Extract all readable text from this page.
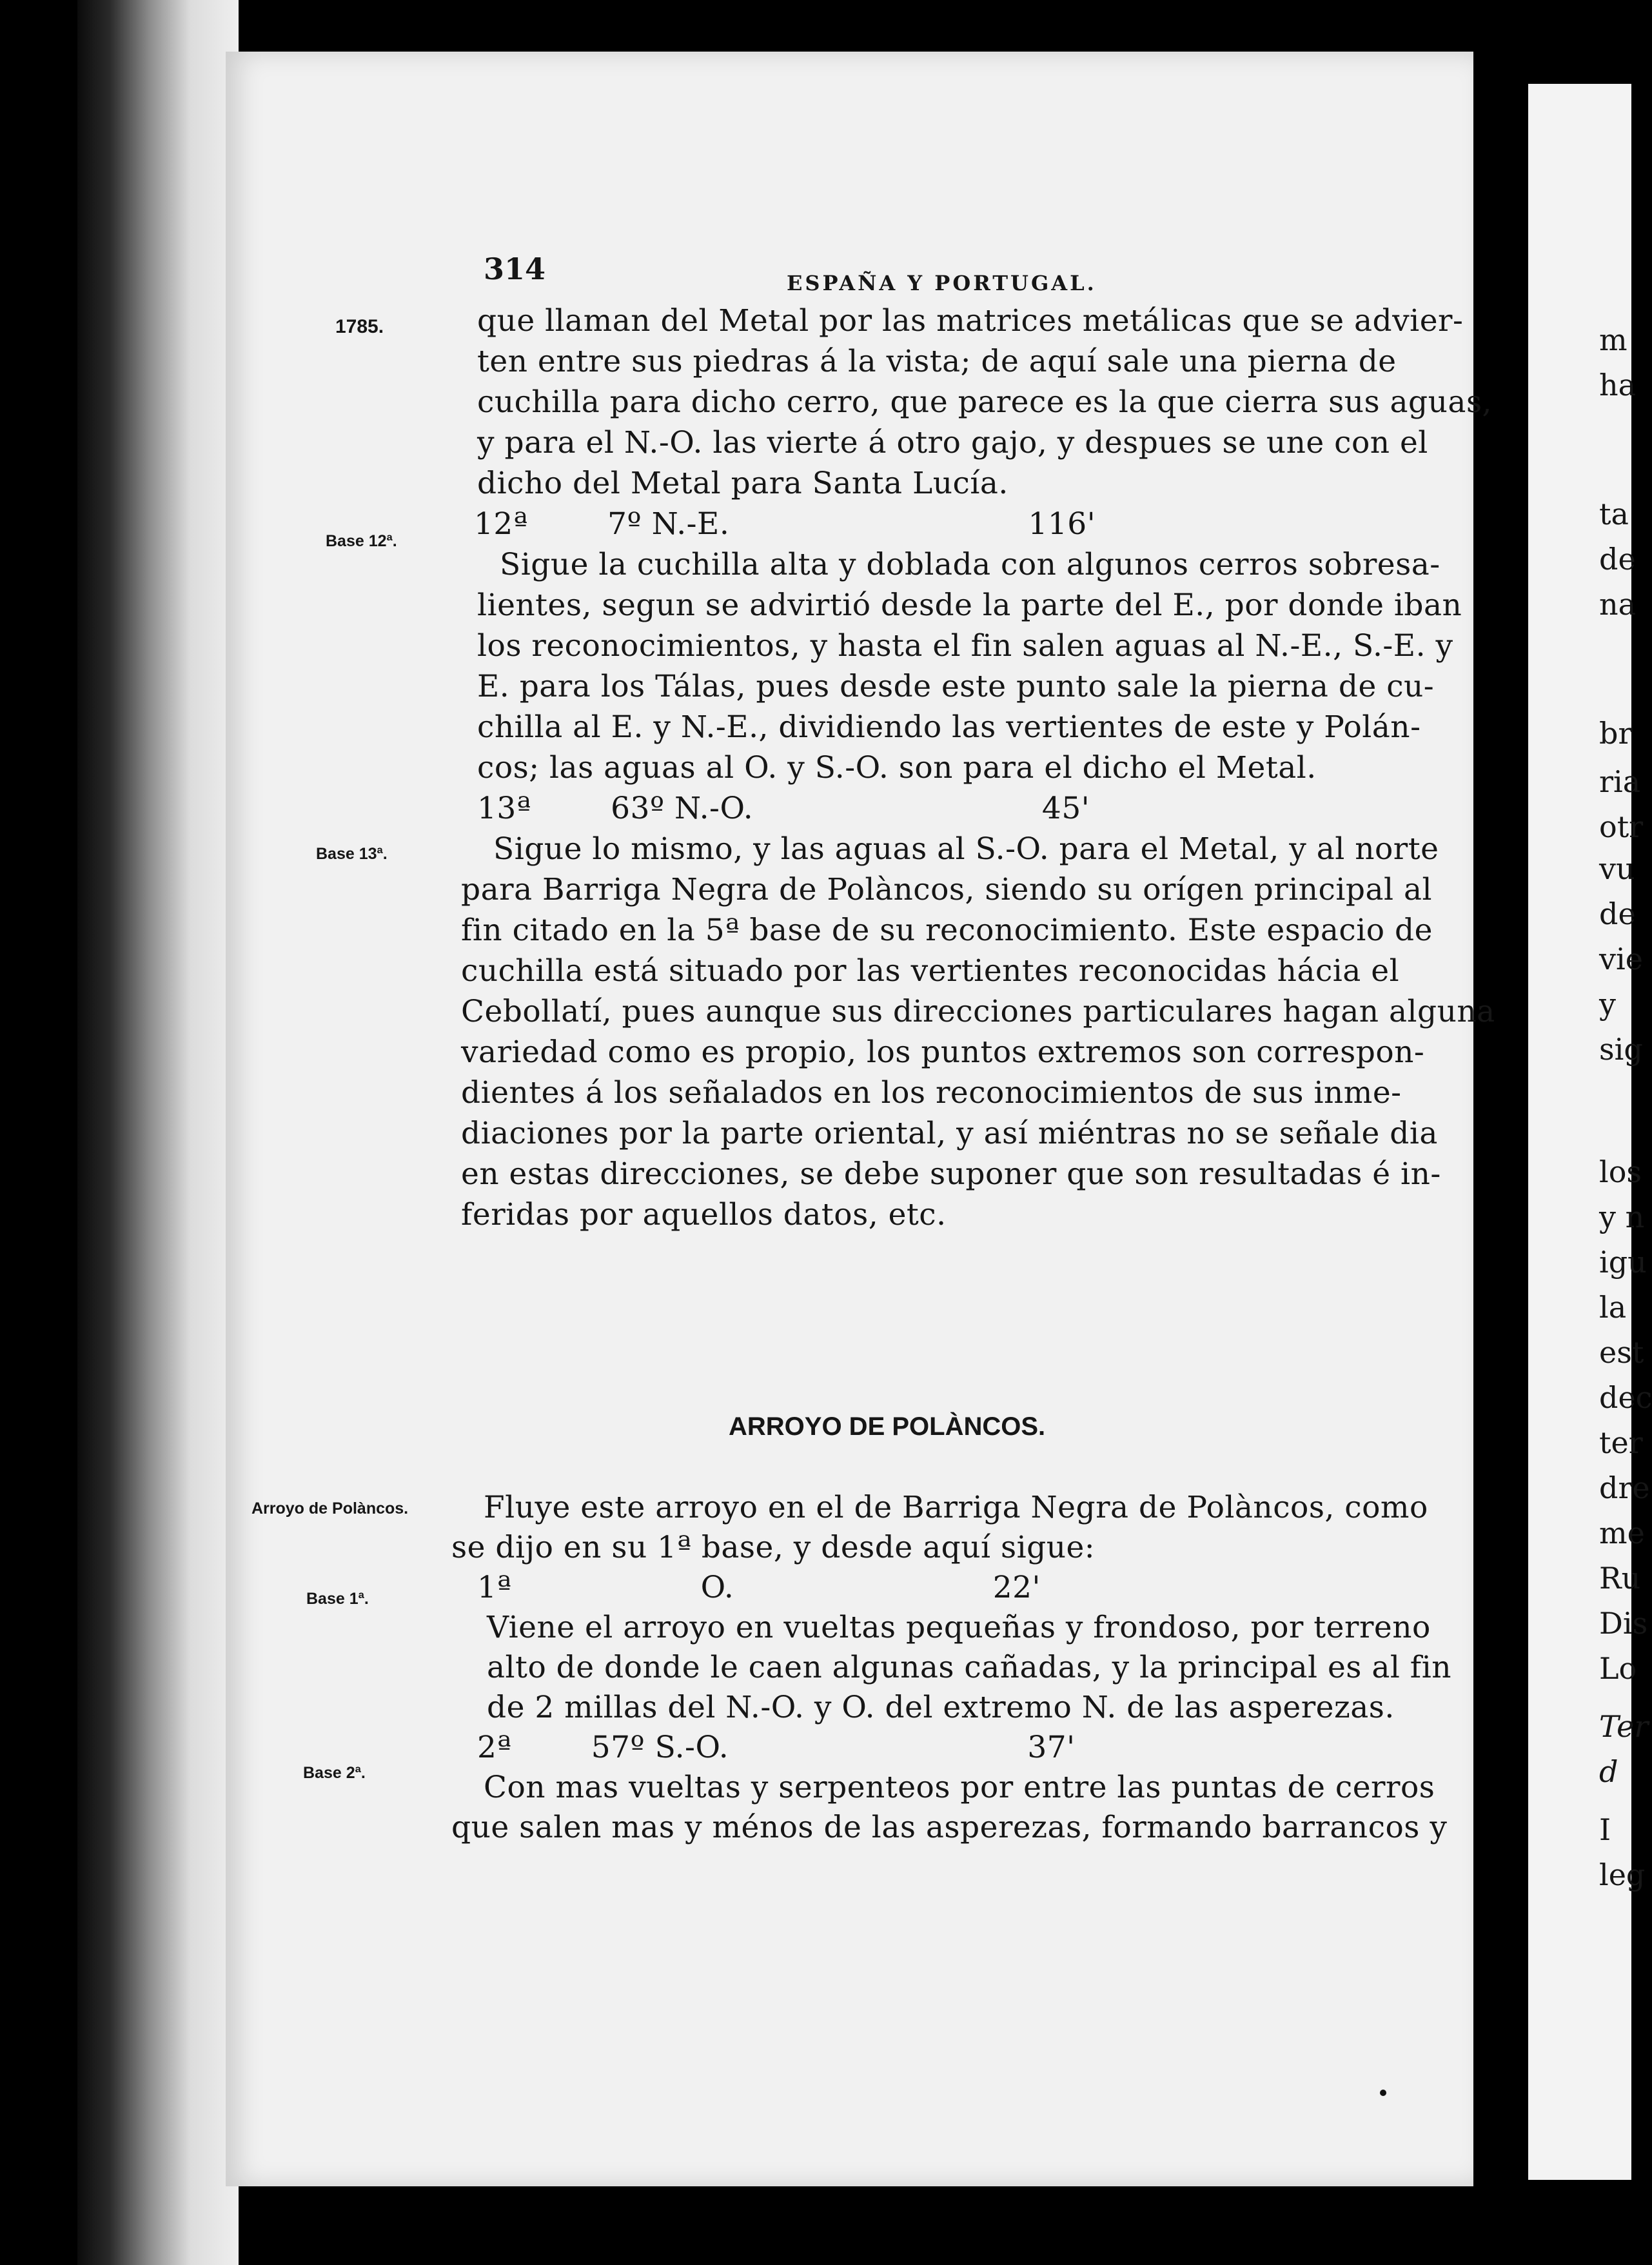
314	ESPAÑA Y PORTUGAL.
1785.
Base 12ª.
Base 13ª.
Arroyo de Polàncos.
Base 1ª.
Base 2ª.
que llaman del Metal por las matrices metálicas que se advier-
ten entre sus piedras á la vista; de aquí sale una pierna de
cuchilla para dicho cerro, que parece es la que cierra sus aguas,
y para el N.-O. las vierte á otro gajo, y despues se une con el
dicho del Metal para Santa Lucía.
12ª        7º N.-E.                              116'
Sigue la cuchilla alta y doblada con algunos cerros sobresa-
lientes, segun se advirtió desde la parte del E., por donde iban
los reconocimientos, y hasta el fin salen aguas al N.-E., S.-E. y
E. para los Tálas, pues desde este punto sale la pierna de cu-
chilla al E. y N.-E., dividiendo las vertientes de este y Polán-
cos; las aguas al O. y S.-O. son para el dicho el Metal.
13ª        63º N.-O.                             45'
Sigue lo mismo, y las aguas al S.-O. para el Metal, y al norte
para Barriga Negra de Polàncos, siendo su orígen principal al
fin citado en la 5ª base de su reconocimiento. Este espacio de
cuchilla está situado por las vertientes reconocidas hácia el
Cebollatí, pues aunque sus direcciones particulares hagan alguna
variedad como es propio, los puntos extremos son correspon-
dientes á los señalados en los reconocimientos de sus inme-
diaciones por la parte oriental, y así miéntras no se señale dia
en estas direcciones, se debe suponer que son resultadas é in-
feridas por aquellos datos, etc.
ARROYO DE POLÀNCOS.
Fluye este arroyo en el de Barriga Negra de Polàncos, como
se dijo en su 1ª base, y desde aquí sigue:
1ª                   O.                          22'
Viene el arroyo en vueltas pequeñas y frondoso, por terreno
alto de donde le caen algunas cañadas, y la principal es al fin
de 2 millas del N.-O. y O. del extremo N. de las asperezas.
2ª        57º S.-O.                              37'
Con mas vueltas y serpenteos por entre las puntas de cerros
que salen mas y ménos de las asperezas, formando barrancos y
m
ha
ta
de
na
br
ria
otr
vu
de
vie
y
sig
los
y n
igu
la
est
dec
ter
dre
me
Ru
Dis
Lo
Ter
d
I
leg
